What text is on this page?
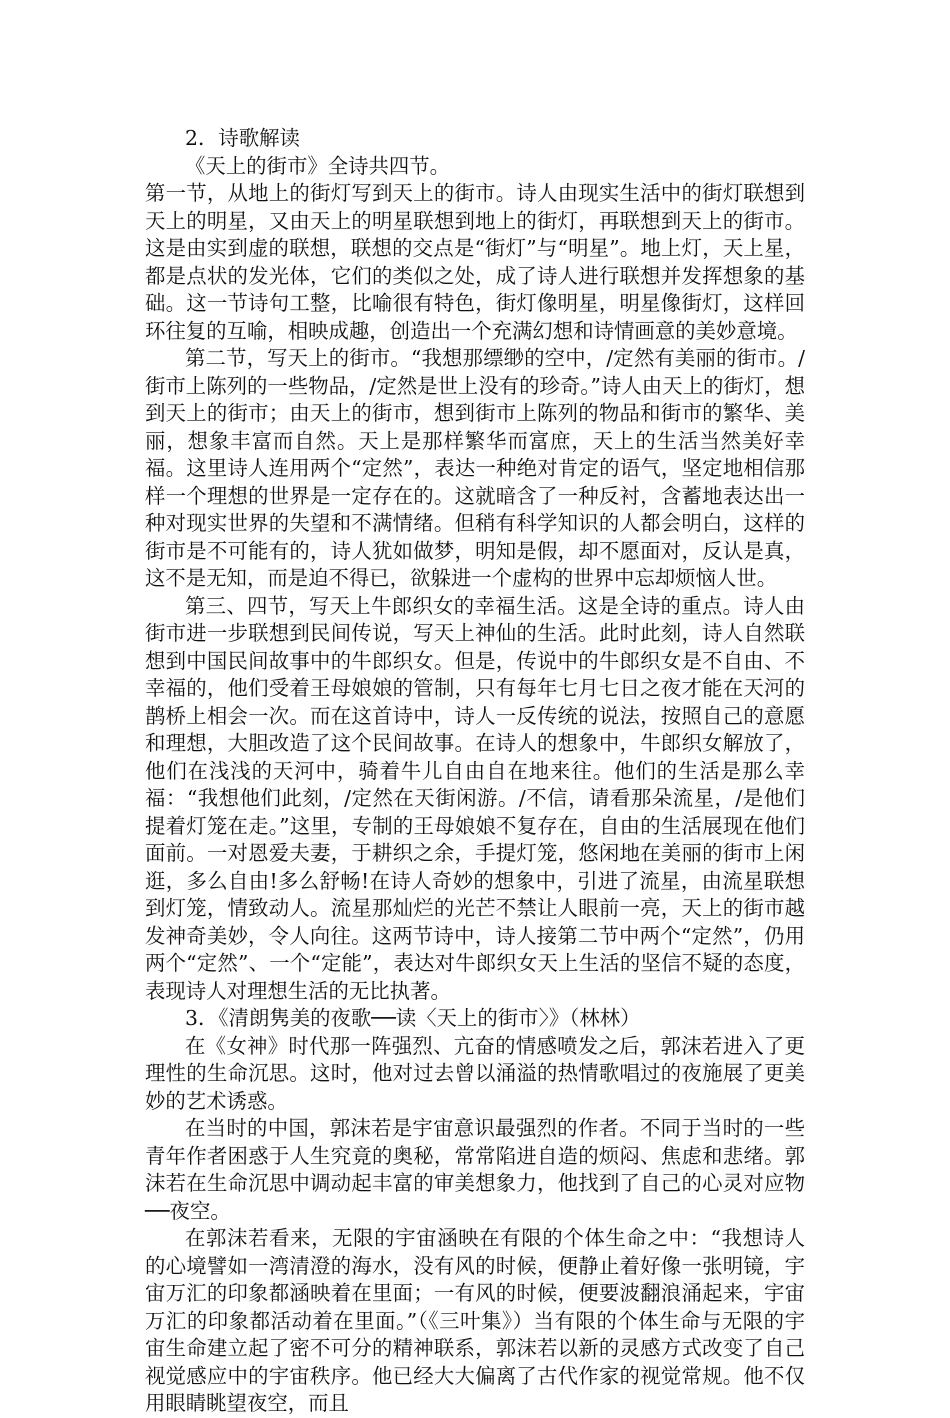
2．诗歌解读

《天上的街市》全诗共四节。

第一节，从地上的街灯写到天上的街市。诗人由现实生活中的街灯联想到天上的明星，又由天上的明星联想到地上的街灯，再联想到天上的街市。这是由实到虚的联想，联想的交点是“街灯”与“明星”。地上灯，天上星，都是点状的发光体，它们的类似之处，成了诗人进行联想并发挥想象的基础。这一节诗句工整，比喻很有特色，街灯像明星，明星像街灯，这样回环往复的互喻，相映成趣，创造出一个充满幻想和诗情画意的美妙意境。

第二节，写天上的街市。“我想那缥缈的空中，/定然有美丽的街市。/街市上陈列的一些物品，/定然是世上没有的珍奇。”诗人由天上的街灯，想到天上的街市；由天上的街市，想到街市上陈列的物品和街市的繁华、美丽，想象丰富而自然。天上是那样繁华而富庶，天上的生活当然美好幸福。这里诗人连用两个“定然”，表达一种绝对肯定的语气，坚定地相信那样一个理想的世界是一定存在的。这就暗含了一种反衬，含蓄地表达出一种对现实世界的失望和不满情绪。但稍有科学知识的人都会明白，这样的街市是不可能有的，诗人犹如做梦，明知是假，却不愿面对，反认是真，这不是无知，而是迫不得已，欲躲进一个虚构的世界中忘却烦恼人世。

第三、四节，写天上牛郎织女的幸福生活。这是全诗的重点。诗人由街市进一步联想到民间传说，写天上神仙的生活。此时此刻，诗人自然联想到中国民间故事中的牛郎织女。但是，传说中的牛郎织女是不自由、不幸福的，他们受着王母娘娘的管制，只有每年七月七日之夜才能在天河的鹊桥上相会一次。而在这首诗中，诗人一反传统的说法，按照自己的意愿和理想，大胆改造了这个民间故事。在诗人的想象中，牛郎织女解放了，他们在浅浅的天河中，骑着牛儿自由自在地来往。他们的生活是那么幸福：“我想他们此刻，/定然在天街闲游。/不信，请看那朵流星，/是他们提着灯笼在走。”这里，专制的王母娘娘不复存在，自由的生活展现在他们面前。一对恩爱夫妻，于耕织之余，手提灯笼，悠闲地在美丽的街市上闲逛，多么自由!多么舒畅!在诗人奇妙的想象中，引进了流星，由流星联想到灯笼，情致动人。流星那灿烂的光芒不禁让人眼前一亮，天上的街市越发神奇美妙，令人向往。这两节诗中，诗人接第二节中两个“定然”，仍用两个“定然”、一个“定能”，表达对牛郎织女天上生活的坚信不疑的态度，表现诗人对理想生活的无比执著。

3．《清朗隽美的夜歌──读〈天上的街市〉》（林林）

在《女神》时代那一阵强烈、亢奋的情感喷发之后，郭沫若进入了更理性的生命沉思。这时，他对过去曾以涌溢的热情歌唱过的夜施展了更美妙的艺术诱惑。

在当时的中国，郭沫若是宇宙意识最强烈的作者。不同于当时的一些青年作者困惑于人生究竟的奥秘，常常陷进自造的烦闷、焦虑和悲绪。郭沫若在生命沉思中调动起丰富的审美想象力，他找到了自己的心灵对应物──夜空。

在郭沫若看来，无限的宇宙涵映在有限的个体生命之中：“我想诗人的心境譬如一湾清澄的海水，没有风的时候，便静止着好像一张明镜，宇宙万汇的印象都涵映着在里面；一有风的时候，便要波翻浪涌起来，宇宙万汇的印象都活动着在里面。”（《三叶集》）当有限的个体生命与无限的宇宙生命建立起了密不可分的精神联系，郭沫若以新的灵感方式改变了自己视觉感应中的宇宙秩序。他已经大大偏离了古代作家的视觉常规。他不仅用眼睛眺望夜空，而且
